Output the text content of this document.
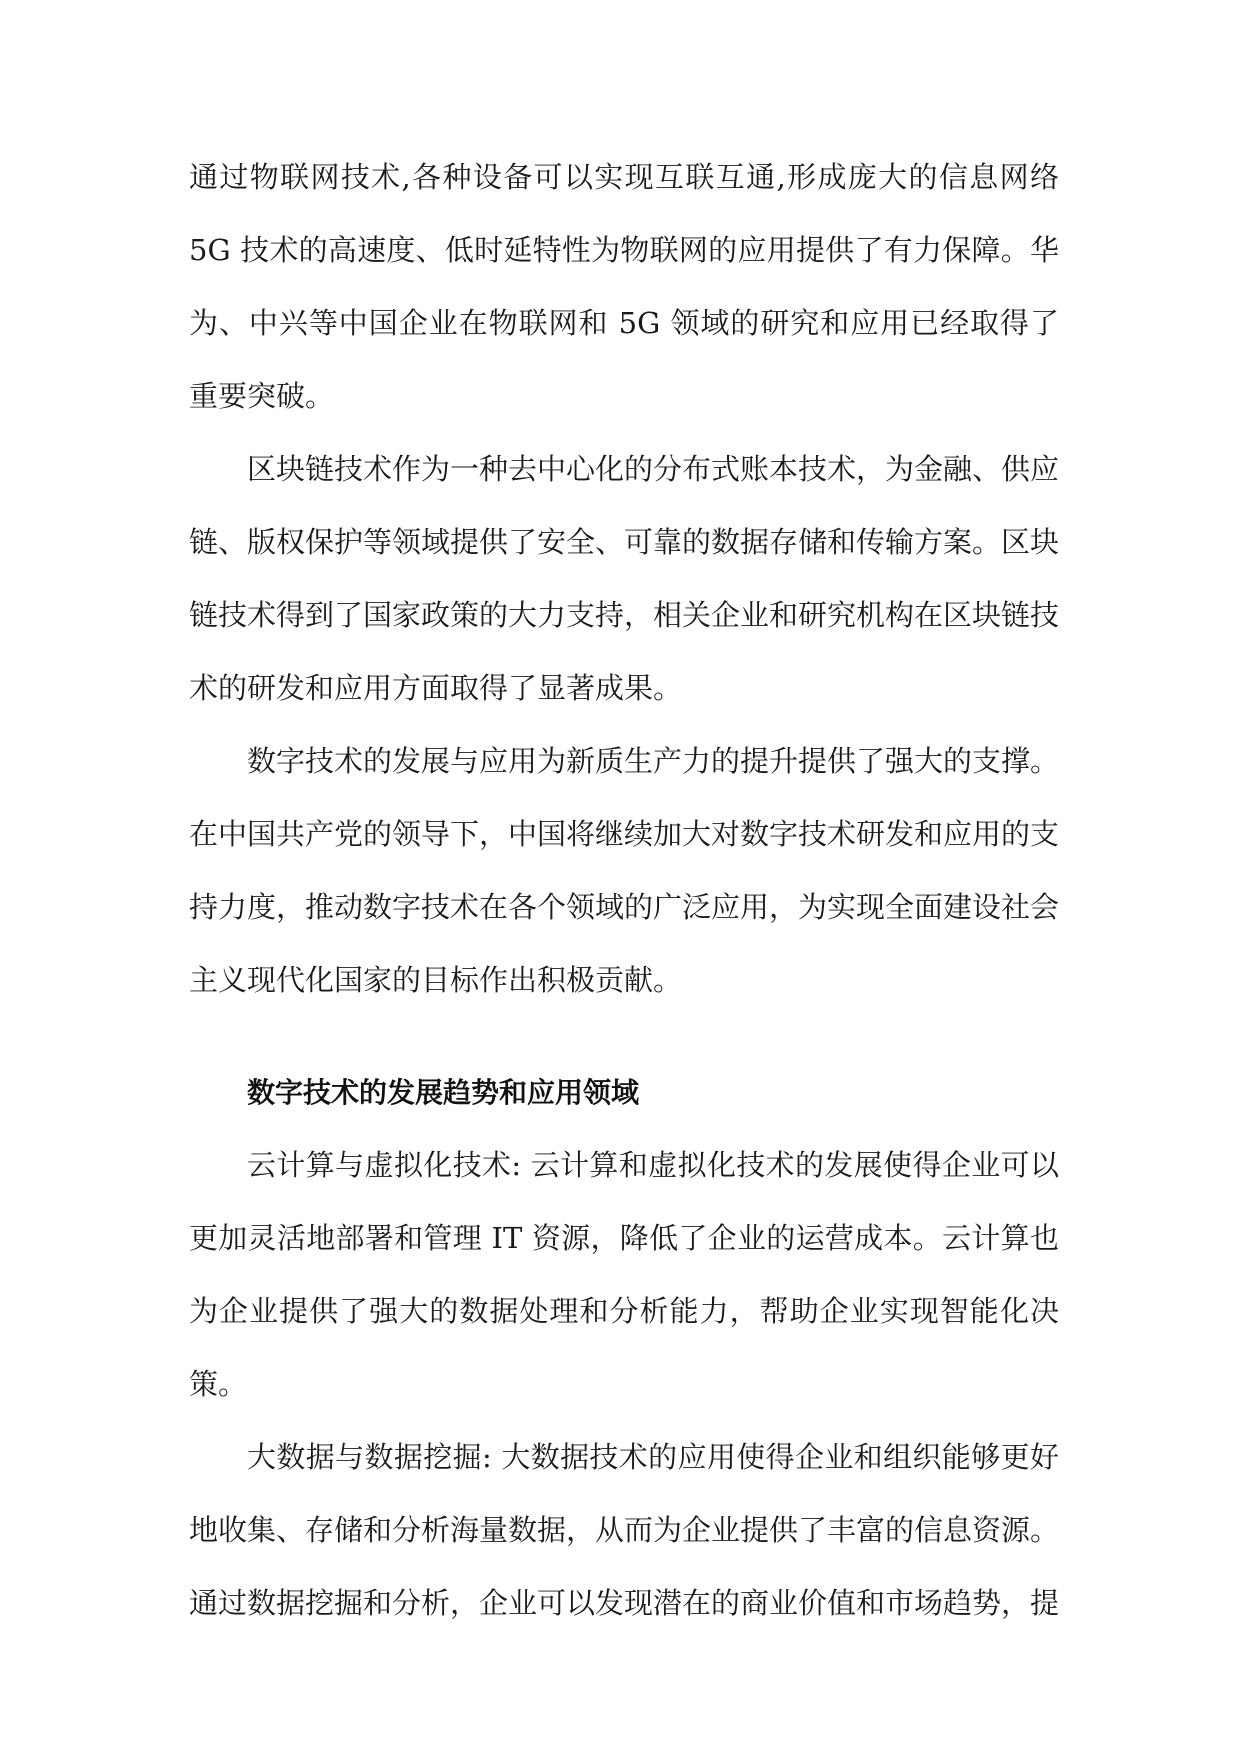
通过物联网技术,各种设备可以实现互联互通,形成庞大的信息网络 5G 技术的高速度、低时延特性为物联网的应用提供了有力保障。华为、中兴等中国企业在物联网和 5G 领域的研究和应用已经取得了重要突破。

区块链技术作为一种去中心化的分布式账本技术，为金融、供应链、版权保护等领域提供了安全、可靠的数据存储和传输方案。区块链技术得到了国家政策的大力支持，相关企业和研究机构在区块链技术的研发和应用方面取得了显著成果。

数字技术的发展与应用为新质生产力的提升提供了强大的支撑。在中国共产党的领导下，中国将继续加大对数字技术研发和应用的支持力度，推动数字技术在各个领域的广泛应用，为实现全面建设社会主义现代化国家的目标作出积极贡献。

数字技术的发展趋势和应用领域

云计算与虚拟化技术: 云计算和虚拟化技术的发展使得企业可以更加灵活地部署和管理 IT 资源，降低了企业的运营成本。云计算也为企业提供了强大的数据处理和分析能力，帮助企业实现智能化决策。

大数据与数据挖掘: 大数据技术的应用使得企业和组织能够更好地收集、存储和分析海量数据，从而为企业提供了丰富的信息资源。通过数据挖掘和分析，企业可以发现潜在的商业价值和市场趋势，提
